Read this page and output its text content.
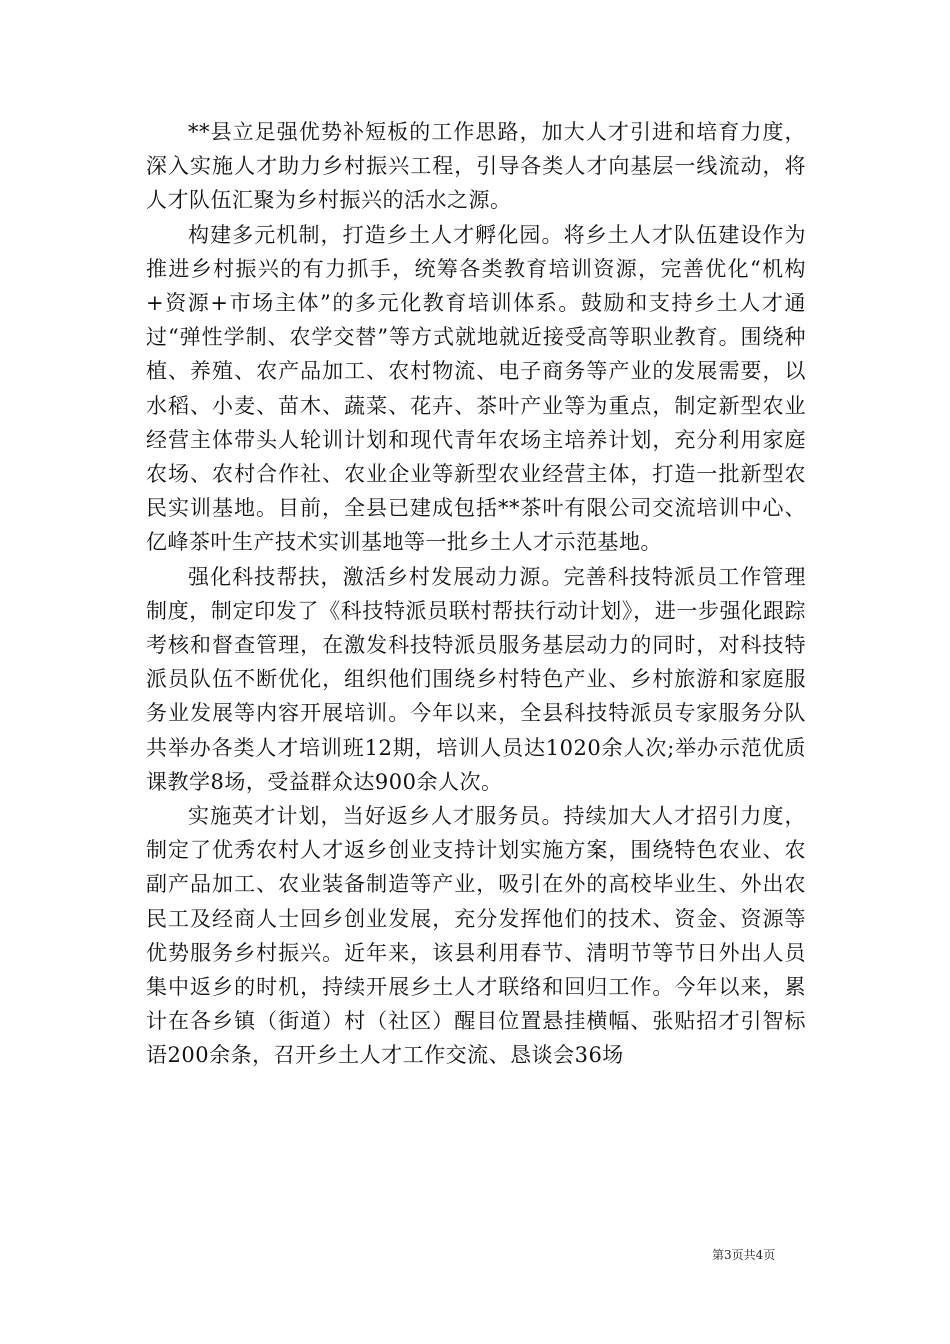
**县立足强优势补短板的工作思路，加大人才引进和培育力度，深入实施人才助力乡村振兴工程，引导各类人才向基层一线流动，将人才队伍汇聚为乡村振兴的活水之源。

构建多元机制，打造乡土人才孵化园。将乡土人才队伍建设作为推进乡村振兴的有力抓手，统筹各类教育培训资源，完善优化“机构+资源+市场主体”的多元化教育培训体系。鼓励和支持乡土人才通过“弹性学制、农学交替”等方式就地就近接受高等职业教育。围绕种植、养殖、农产品加工、农村物流、电子商务等产业的发展需要，以水稻、小麦、苗木、蔬菜、花卉、茶叶产业等为重点，制定新型农业经营主体带头人轮训计划和现代青年农场主培养计划，充分利用家庭农场、农村合作社、农业企业等新型农业经营主体，打造一批新型农民实训基地。目前，全县已建成包括**茶叶有限公司交流培训中心、亿峰茶叶生产技术实训基地等一批乡土人才示范基地。

强化科技帮扶，激活乡村发展动力源。完善科技特派员工作管理制度，制定印发了《科技特派员联村帮扶行动计划》，进一步强化跟踪考核和督查管理，在激发科技特派员服务基层动力的同时，对科技特派员队伍不断优化，组织他们围绕乡村特色产业、乡村旅游和家庭服务业发展等内容开展培训。今年以来，全县科技特派员专家服务分队共举办各类人才培训班12期，培训人员达1020余人次;举办示范优质课教学8场，受益群众达900余人次。

实施英才计划，当好返乡人才服务员。持续加大人才招引力度，制定了优秀农村人才返乡创业支持计划实施方案，围绕特色农业、农副产品加工、农业装备制造等产业，吸引在外的高校毕业生、外出农民工及经商人士回乡创业发展，充分发挥他们的技术、资金、资源等优势服务乡村振兴。近年来，该县利用春节、清明节等节日外出人员集中返乡的时机，持续开展乡土人才联络和回归工作。今年以来，累计在各乡镇（街道）村（社区）醒目位置悬挂横幅、张贴招才引智标语200余条，召开乡土人才工作交流、恳谈会36场

第3页共4页
